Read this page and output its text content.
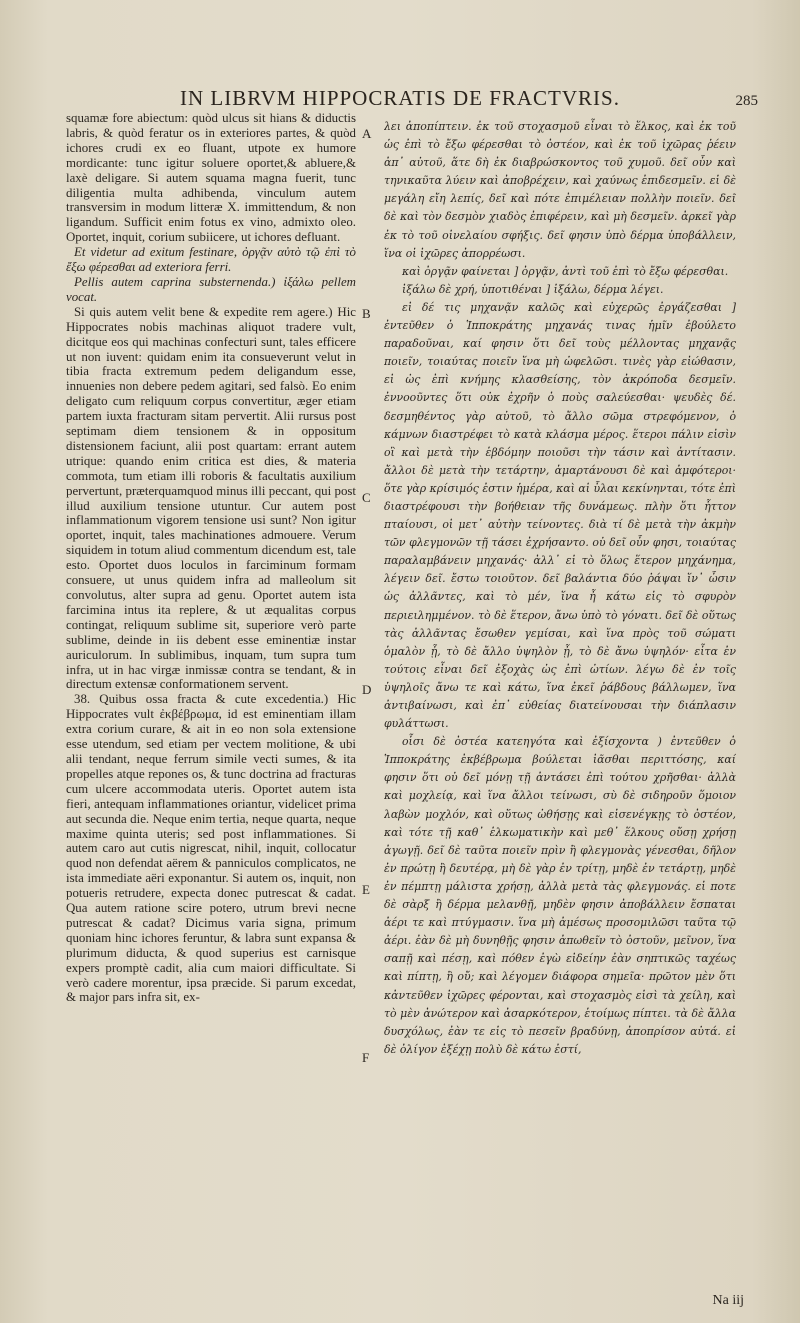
IN LIBRVM HIPPOCRATIS DE FRACTVRIS.	285

squamæ fore abiectum: quòd ulcus sit hians & diductis labris, & quòd feratur os in exteriores partes, & quòd ichores crudi ex eo fluant, utpote ex humore mordicante: tunc igitur soluere oportet,& abluere,& laxè deligare. Si autem squama magna fuerit, tunc diligentia multa adhibenda, vinculum autem transversim in modum litteræ X. immittendum, & non ligandum. Sufficit enim fotus ex vino, admixto oleo. Oportet, inquit, corium subiicere, ut ichores defluant.

Et videtur ad exitum festinare, ὀργᾷν αὐτὸ τῷ ἐπὶ τὸ ἔξω φέρεσθαι ad exteriora ferri.

Pellis autem caprina substernenda.) ἰξάλω pellem vocat.

Si quis autem velit bene & expedite rem agere.) Hic Hippocrates nobis machinas aliquot tradere vult, dicitque eos qui machinas confecturi sunt, tales efficere ut non iuvent: quidam enim ita consueverunt velut in tibia fracta extremum pedem deligandum esse, innuenies non debere pedem agitari, sed falsò. Eo enim deligato cum reliquum corpus convertitur, æger etiam partem iuxta fracturam sitam pervertit. Alii rursus post septimam diem tensionem & in oppositum distensionem faciunt, alii post quartam: errant autem utrique: quando enim critica est dies, & materia commota, tum etiam illi roboris & facultatis auxilium pervertunt, præterquamquod minus illi peccant, qui post illud auxilium tensione utuntur. Cur autem post inflammationum vigorem tensione usi sunt? Non igitur oportet, inquit, tales machinationes admouere. Verum siquidem in totum aliud commentum dicendum est, tale esto. Oportet duos loculos in farciminum formam consuere, ut unus quidem infra ad malleolum sit convolutus, alter supra ad genu. Oportet autem ista farcimina intus ita replere, & ut æqualitas corpus contingat, reliquum sublime sit, superiore verò parte sublime, deinde in iis debent esse eminentiæ instar auriculorum. In sublimibus, inquam, tum supra tum infra, ut in hac virgæ inmissæ contra se tendant, & in directum extensæ conformationem servent.

38. Quibus ossa fracta & cute excedentia.) Hic Hippocrates vult ἐκβέβρωμα, id est eminentiam illam extra corium curare, & ait in eo non sola extensione esse utendum, sed etiam per vectem molitione, & ubi alii tendant, neque ferrum simile vecti sumes, & ita propelles atque repones os, & tunc doctrina ad fracturas cum ulcere accommodata uteris. Oportet autem ista fieri, antequam inflammationes oriantur, videlicet prima aut secunda die. Neque enim tertia, neque quarta, neque maxime quinta uteris; sed post inflammationes. Si autem caro aut cutis nigrescat, nihil, inquit, collocatur quod non defendat aërem & panniculos complicatos, ne ista immediate aëri exponantur. Si autem os, inquit, non potueris retrudere, expecta donec putrescat & cadat. Qua autem ratione scire potero, utrum brevi necne putrescat & cadat? Dicimus varia signa, primum quoniam hinc ichores feruntur, & labra sunt expansa & plurimum diducta, & quod superius est carnisque expers promptè cadit, alia cum maiori difficultate. Si verò cadere morentur, ipsa præcide. Si parum excedat, & major pars infra sit, ex-

A
B
C
D
E
F

λει ἀποπίπτειν. ἐκ τοῦ στοχασμοῦ εἶναι τὸ ἕλκος, καὶ ἐκ τοῦ ὡς ἐπὶ τὸ ἔξω φέρεσθαι τὸ ὀστέον, καὶ ἐκ τοῦ ἰχῶρας ῥέειν ἀπ᾽ αὐτοῦ, ἅτε δὴ ἐκ διαβρώσκοντος τοῦ χυμοῦ. δεῖ οὖν καὶ τηνικαῦτα λύειν καὶ ἀποβρέχειν, καὶ χαύνως ἐπιδεσμεῖν. εἰ δὲ μεγάλη εἴη λεπίς, δεῖ καὶ πότε ἐπιμέλειαν πολλὴν ποιεῖν. δεῖ δὲ καὶ τὸν δεσμὸν χιαδὸς ἐπιφέρειν, καὶ μὴ δεσμεῖν. ἀρκεῖ γὰρ ἐκ τὸ τοῦ οἰνελαίου σφήξις. δεῖ φησιν ὑπὸ δέρμα ὑποβάλλειν, ἵνα οἱ ἰχῶρες ἀπορρέωσι.

καὶ ὀργᾷν φαίνεται ] ὀργᾷν, ἀντὶ τοῦ ἐπὶ τὸ ἔξω φέρεσθαι.

ἰξάλω δὲ χρή, ὑποτιθέναι ] ἰξάλω, δέρμα λέγει.

εἰ δέ τις μηχανᾷν καλῶς καὶ εὐχερῶς ἐργάζεσθαι ] ἐντεῦθεν ὁ Ἱπποκράτης μηχανάς τινας ἡμῖν ἐβούλετο παραδοῦναι, καί φησιν ὅτι δεῖ τοὺς μέλλοντας μηχανᾷς ποιεῖν, τοιαύτας ποιεῖν ἵνα μὴ ὠφελῶσι. τινὲς γὰρ εἰώθασιν, εἰ ὡς ἐπὶ κνήμης κλασθείσης, τὸν ἀκρόποδα δεσμεῖν. ἐννοοῦντες ὅτι οὐκ ἐχρῆν ὁ ποὺς σαλεύεσθαι· ψευδὲς δέ. δεσμηθέντος γὰρ αὐτοῦ, τὸ ἄλλο σῶμα στρεφόμενον, ὁ κάμνων διαστρέφει τὸ κατὰ κλάσμα μέρος. ἕτεροι πάλιν εἰσὶν οἳ καὶ μετὰ τὴν ἑβδόμην ποιοῦσι τὴν τάσιν καὶ ἀντίτασιν. ἄλλοι δὲ μετὰ τὴν τετάρτην, ἁμαρτάνουσι δὲ καὶ ἀμφότεροι· ὅτε γὰρ κρίσιμός ἐστιν ἡμέρα, καὶ αἱ ὗλαι κεκίνηνται, τότε ἐπὶ διαστρέφουσι τὴν βοήθειαν τῆς δυνάμεως. πλὴν ὅτι ἧττον πταίουσι, οἱ μετ᾽ αὐτὴν τείνοντες. διὰ τί δὲ μετὰ τὴν ἀκμὴν τῶν φλεγμονῶν τῇ τάσει ἐχρήσαντο. οὐ δεῖ οὖν φησι, τοιαύτας παραλαμβάνειν μηχανάς· ἀλλ᾽ εἰ τὸ ὅλως ἕτερον μηχάνημα, λέγειν δεῖ. ἔστω τοιοῦτον. δεῖ βαλάντια δύο ῥάψαι ἵν᾽ ὦσιν ὡς ἀλλᾶντες, καὶ τὸ μέν, ἵνα ἦ κάτω εἰς τὸ σφυρὸν περιειλημμένον. τὸ δὲ ἕτερον, ἄνω ὑπὸ τὸ γόνατι. δεῖ δὲ οὕτως τὰς ἀλλᾶντας ἔσωθεν γεμίσαι, καὶ ἵνα πρὸς τοῦ σώματι ὁμαλὸν ᾖ, τὸ δὲ ἄλλο ὑψηλὸν ᾖ, τὸ δὲ ἄνω ὑψηλόν· εἶτα ἐν τούτοις εἶναι δεῖ ἐξοχὰς ὡς ἐπὶ ὠτίων. λέγω δὲ ἐν τοῖς ὑψηλοῖς ἄνω τε καὶ κάτω, ἵνα ἐκεῖ ῥάβδους βάλλωμεν, ἵνα ἀντιβαίνωσι, καὶ ἐπ᾽ εὐθείας διατείνουσαι τὴν διάπλασιν φυλάττωσι.

οἷσι δὲ ὀστέα κατεηγότα καὶ ἐξίσχοντα ) ἐντεῦθεν ὁ Ἱπποκράτης ἐκβέβρωμα βούλεται ἰᾶσθαι περιττόσης, καί φησιν ὅτι οὐ δεῖ μόνῃ τῇ ἀντάσει ἐπὶ τούτου χρῆσθαι· ἀλλὰ καὶ μοχλείᾳ, καὶ ἵνα ἄλλοι τείνωσι, σὺ δὲ σιδηροῦν ὅμοιον λαβὼν μοχλόν, καὶ οὕτως ὠθήσῃς καὶ εἰσενέγκῃς τὸ ὀστέον, καὶ τότε τῇ καθ᾽ ἑλκωματικὴν καὶ μεθ᾽ ἕλκους οὔσῃ χρήσῃ ἀγωγῇ. δεῖ δὲ ταῦτα ποιεῖν πρὶν ἢ φλεγμονὰς γένεσθαι, δῆλον ἐν πρώτῃ ἢ δευτέρᾳ, μὴ δὲ γὰρ ἐν τρίτῃ, μηδὲ ἐν τετάρτῃ, μηδὲ ἐν πέμπτῃ μάλιστα χρήσῃ, ἀλλὰ μετὰ τὰς φλεγμονάς. εἰ ποτε δὲ σὰρξ ἢ δέρμα μελανθῇ, μηδὲν φησιν ἀποβάλλειν ἔσπαται ἀέρι τε καὶ πτύγμασιν. ἵνα μὴ ἀμέσως προσομιλῶσι ταῦτα τῷ ἀέρι. ἐὰν δὲ μὴ δυνηθῇς φησιν ἀπωθεῖν τὸ ὀστοῦν, μεῖνον, ἵνα σαπῇ καὶ πέσῃ, καὶ πόθεν ἐγὼ εἰδείην ἐὰν σηπτικῶς ταχέως καὶ πίπτῃ, ἢ οὔ; καὶ λέγομεν διάφορα σημεῖα· πρῶτον μὲν ὅτι κἀντεῦθεν ἰχῶρες φέρονται, καὶ στοχασμὸς εἰσὶ τὰ χείλη, καὶ τὸ μὲν ἀνώτερον καὶ ἀσαρκότερον, ἑτοίμως πίπτει. τὰ δὲ ἄλλα δυσχόλως, ἐὰν τε εἰς τὸ πεσεῖν βραδύνῃ, ἀποπρίσον αὐτά. εἰ δὲ ὀλίγον ἐξέχῃ πολὺ δὲ κάτω ἐστί,

Na iij
